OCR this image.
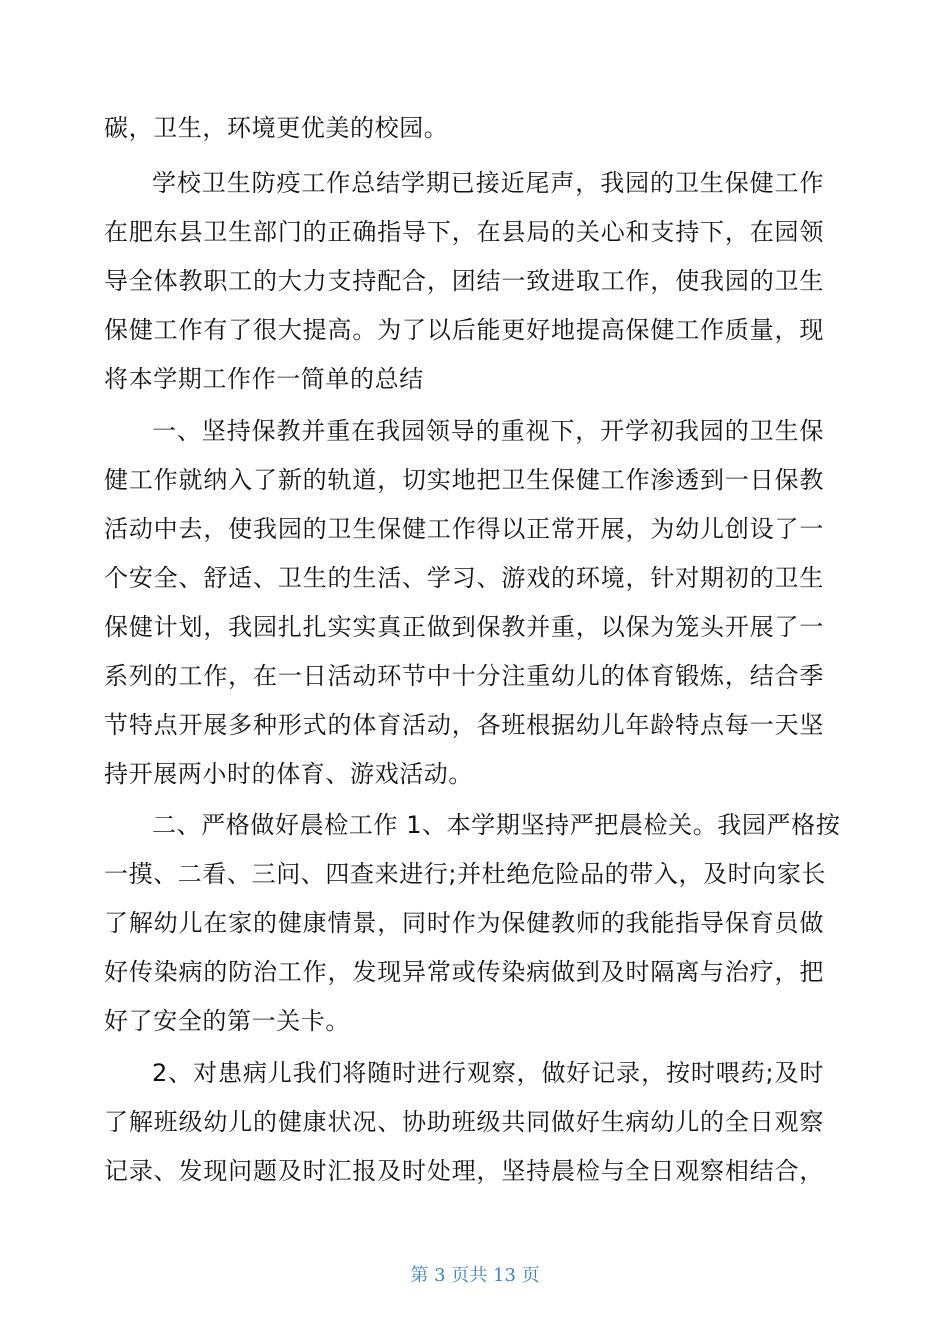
碳，卫生，环境更优美的校园。
学校卫生防疫工作总结学期已接近尾声，我园的卫生保健工作
在肥东县卫生部门的正确指导下，在县局的关心和支持下，在园领
导全体教职工的大力支持配合，团结一致进取工作，使我园的卫生
保健工作有了很大提高。为了以后能更好地提高保健工作质量，现
将本学期工作作一简单的总结
一、坚持保教并重在我园领导的重视下，开学初我园的卫生保
健工作就纳入了新的轨道，切实地把卫生保健工作渗透到一日保教
活动中去，使我园的卫生保健工作得以正常开展，为幼儿创设了一
个安全、舒适、卫生的生活、学习、游戏的环境，针对期初的卫生
保健计划，我园扎扎实实真正做到保教并重，以保为笼头开展了一
系列的工作，在一日活动环节中十分注重幼儿的体育锻炼，结合季
节特点开展多种形式的体育活动，各班根据幼儿年龄特点每一天坚
持开展两小时的体育、游戏活动。
二、严格做好晨检工作 1、本学期坚持严把晨检关。我园严格按
一摸、二看、三问、四查来进行;并杜绝危险品的带入，及时向家长
了解幼儿在家的健康情景，同时作为保健教师的我能指导保育员做
好传染病的防治工作，发现异常或传染病做到及时隔离与治疗，把
好了安全的第一关卡。
2、对患病儿我们将随时进行观察，做好记录，按时喂药;及时
了解班级幼儿的健康状况、协助班级共同做好生病幼儿的全日观察
记录、发现问题及时汇报及时处理，坚持晨检与全日观察相结合，
第 3 页共 13 页
